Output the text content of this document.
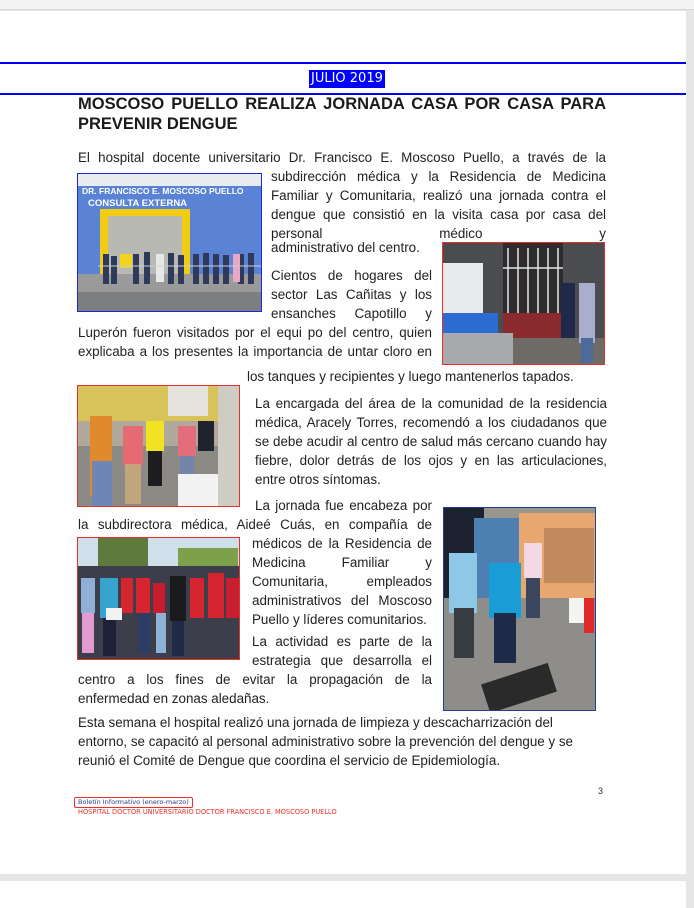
JULIO 2019
MOSCOSO PUELLO REALIZA JORNADA CASA POR CASA PARA PREVENIR DENGUE
El hospital docente universitario Dr. Francisco E. Moscoso Puello, a través de la
subdirección médica y la Residencia de Medicina Familiar y Comunitaria, realizó una jornada contra el dengue que consistió en la visita casa por casa del personal médico y
administrativo del centro.
DR. FRANCISCO E. MOSCOSO PUELLO
CONSULTA EXTERNA
Cientos de hogares del sector Las Cañitas y los ensanches Capotillo y
Luperón fueron visitados por el equi po del centro, quien explicaba a los presentes la importancia de untar cloro en
los tanques y recipientes y luego mantenerlos tapados.
La encargada del área de la comunidad de la residencia médica, Aracely Torres, recomendó a los ciudadanos que se debe acudir al centro de salud más cercano cuando hay fiebre, dolor detrás de los ojos y en las articulaciones, entre otros síntomas.
La jornada fue encabeza por
la subdirectora médica, Aideé Cuás, en compañía de
médicos de la Residencia de Medicina Familiar y Comunitaria, empleados administrativos del Moscoso Puello y líderes comunitarios.
La actividad es parte de la estrategia que desarrolla el
centro a los fines de evitar la propagación de la enfermedad en zonas aledañas.
Esta semana el hospital realizó una jornada de limpieza y descacharrización del entorno, se capacitó al personal administrativo sobre la prevención del dengue y se reunió el Comité de Dengue que coordina el servicio de Epidemiología.
3
Boletín Informativo (enero-marzo)
HOSPITAL DOCTOR UNIVERSITARIO DOCTOR FRANCISCO E. MOSCOSO PUELLO
